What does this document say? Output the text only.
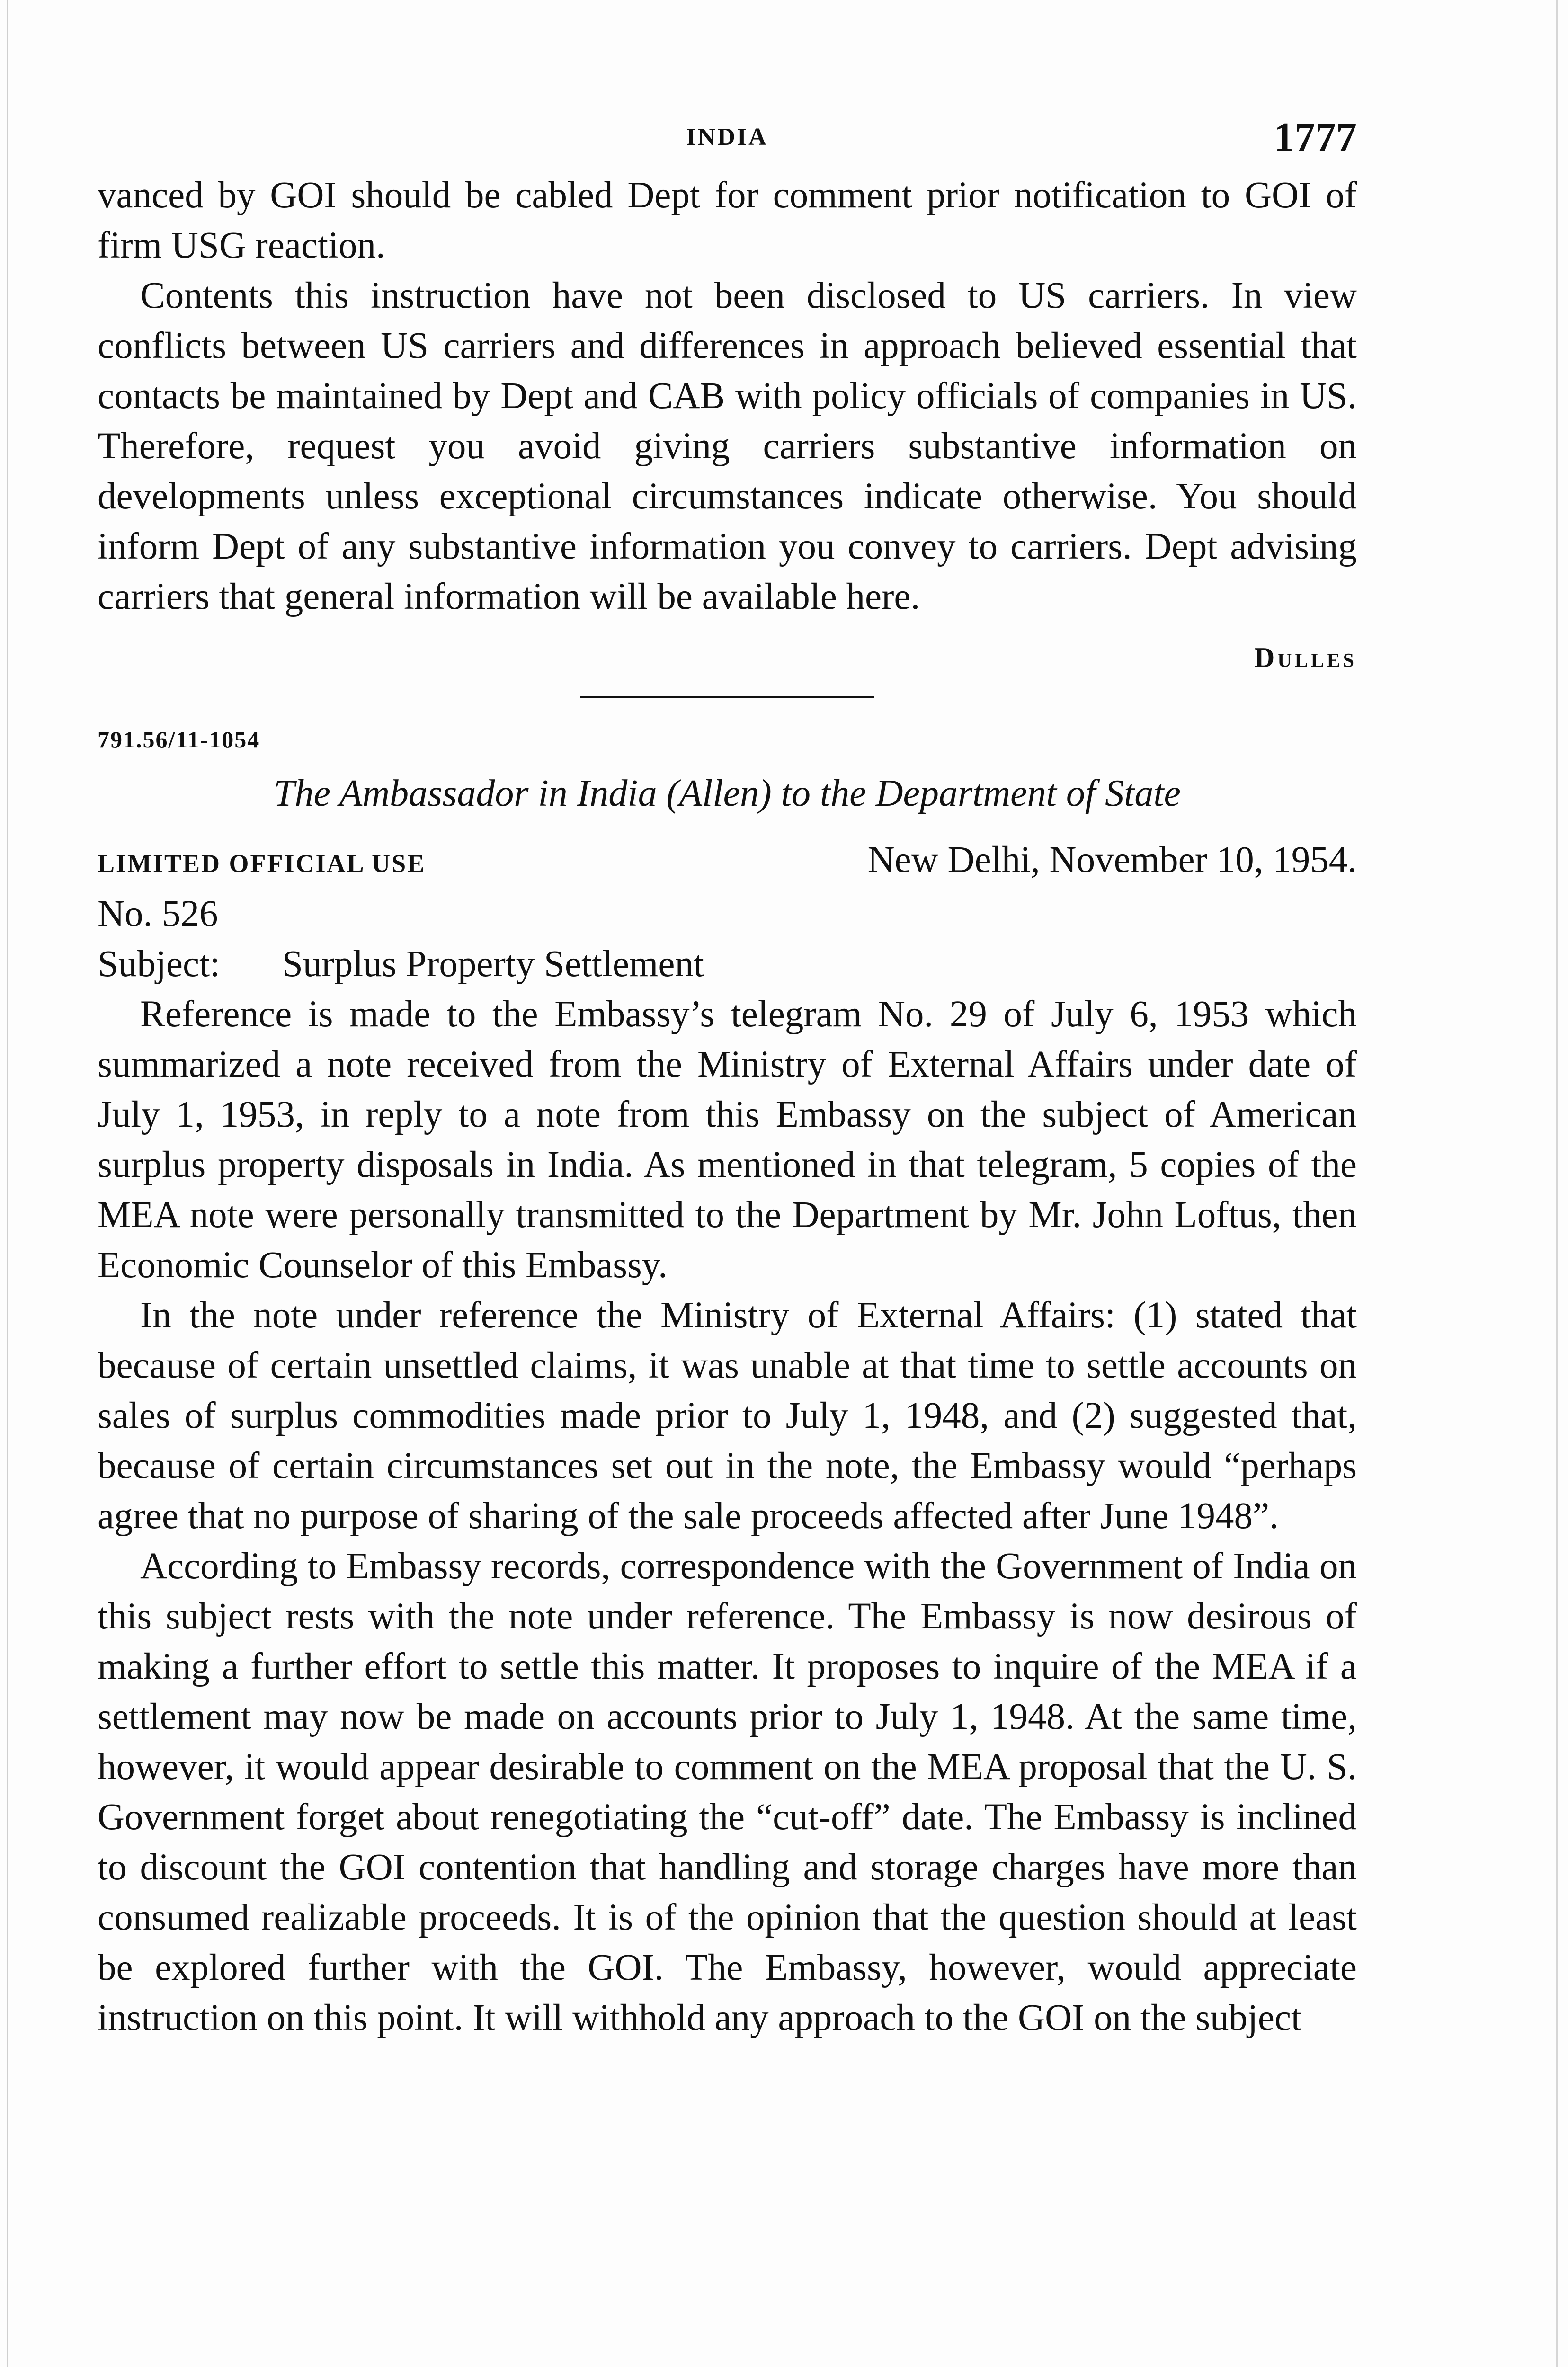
INDIA	1777

vanced by GOI should be cabled Dept for comment prior notification to GOI of firm USG reaction.

Contents this instruction have not been disclosed to US carriers. In view conflicts between US carriers and differences in approach believed essential that contacts be maintained by Dept and CAB with policy officials of companies in US. Therefore, request you avoid giving carriers substantive information on developments unless exceptional circumstances indicate otherwise. You should inform Dept of any substantive information you convey to carriers. Dept advising carriers that general information will be available here.

Dulles
791.56/11-1054
The Ambassador in India (Allen) to the Department of State
LIMITED OFFICIAL USE	New Delhi, November 10, 1954.

No. 526

Subject: Surplus Property Settlement

Reference is made to the Embassy’s telegram No. 29 of July 6, 1953 which summarized a note received from the Ministry of External Affairs under date of July 1, 1953, in reply to a note from this Embassy on the subject of American surplus property disposals in India. As mentioned in that telegram, 5 copies of the MEA note were personally transmitted to the Department by Mr. John Loftus, then Economic Counselor of this Embassy.

In the note under reference the Ministry of External Affairs: (1) stated that because of certain unsettled claims, it was unable at that time to settle accounts on sales of surplus commodities made prior to July 1, 1948, and (2) suggested that, because of certain circumstances set out in the note, the Embassy would “perhaps agree that no purpose of sharing of the sale proceeds affected after June 1948”.

According to Embassy records, correspondence with the Government of India on this subject rests with the note under reference. The Embassy is now desirous of making a further effort to settle this matter. It proposes to inquire of the MEA if a settlement may now be made on accounts prior to July 1, 1948. At the same time, however, it would appear desirable to comment on the MEA proposal that the U. S. Government forget about renegotiating the “cut-off” date. The Embassy is inclined to discount the GOI contention that handling and storage charges have more than consumed realizable proceeds. It is of the opinion that the question should at least be explored further with the GOI. The Embassy, however, would appreciate instruction on this point. It will withhold any approach to the GOI on the subject
